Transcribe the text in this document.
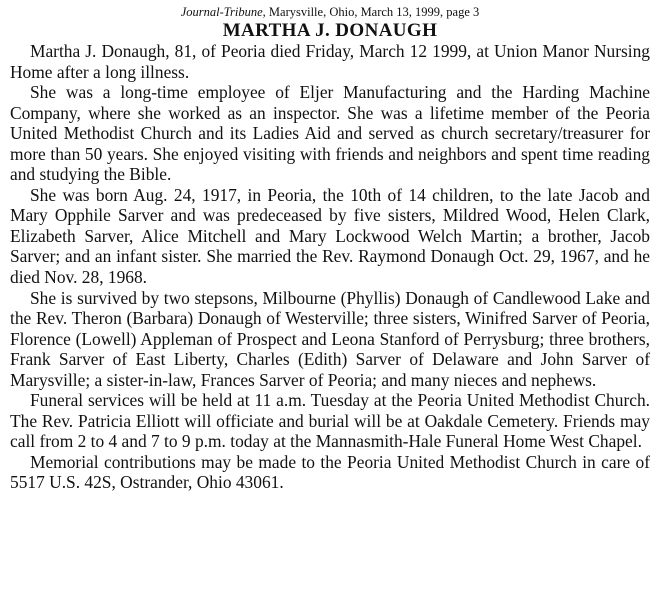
Journal-Tribune, Marysville, Ohio, March 13, 1999, page 3
MARTHA J. DONAUGH

Martha J. Donaugh, 81, of Peoria died Friday, March 12 1999, at Union Manor Nursing Home after a long illness.

She was a long-time employee of Eljer Manufacturing and the Harding Machine Company, where she worked as an inspector. She was a lifetime member of the Peoria United Methodist Church and its Ladies Aid and served as church secretary/treasurer for more than 50 years. She enjoyed visiting with friends and neighbors and spent time reading and studying the Bible.

She was born Aug. 24, 1917, in Peoria, the 10th of 14 children, to the late Jacob and Mary Opphile Sarver and was predeceased by five sisters, Mildred Wood, Helen Clark, Elizabeth Sarver, Alice Mitchell and Mary Lockwood Welch Martin; a brother, Jacob Sarver; and an infant sister. She married the Rev. Raymond Donaugh Oct. 29, 1967, and he died Nov. 28, 1968.

She is survived by two stepsons, Milbourne (Phyllis) Donaugh of Candlewood Lake and the Rev. Theron (Barbara) Donaugh of Westerville; three sisters, Winifred Sarver of Peoria, Florence (Lowell) Appleman of Prospect and Leona Stanford of Perrysburg; three brothers, Frank Sarver of East Liberty, Charles (Edith) Sarver of Delaware and John Sarver of Marysville; a sister-in-law, Frances Sarver of Peoria; and many nieces and nephews.

Funeral services will be held at 11 a.m. Tuesday at the Peoria United Methodist Church. The Rev. Patricia Elliott will officiate and burial will be at Oakdale Cemetery. Friends may call from 2 to 4 and 7 to 9 p.m. today at the Mannasmith-Hale Funeral Home West Chapel.

Memorial contributions may be made to the Peoria United Methodist Church in care of 5517 U.S. 42S, Ostrander, Ohio 43061.
